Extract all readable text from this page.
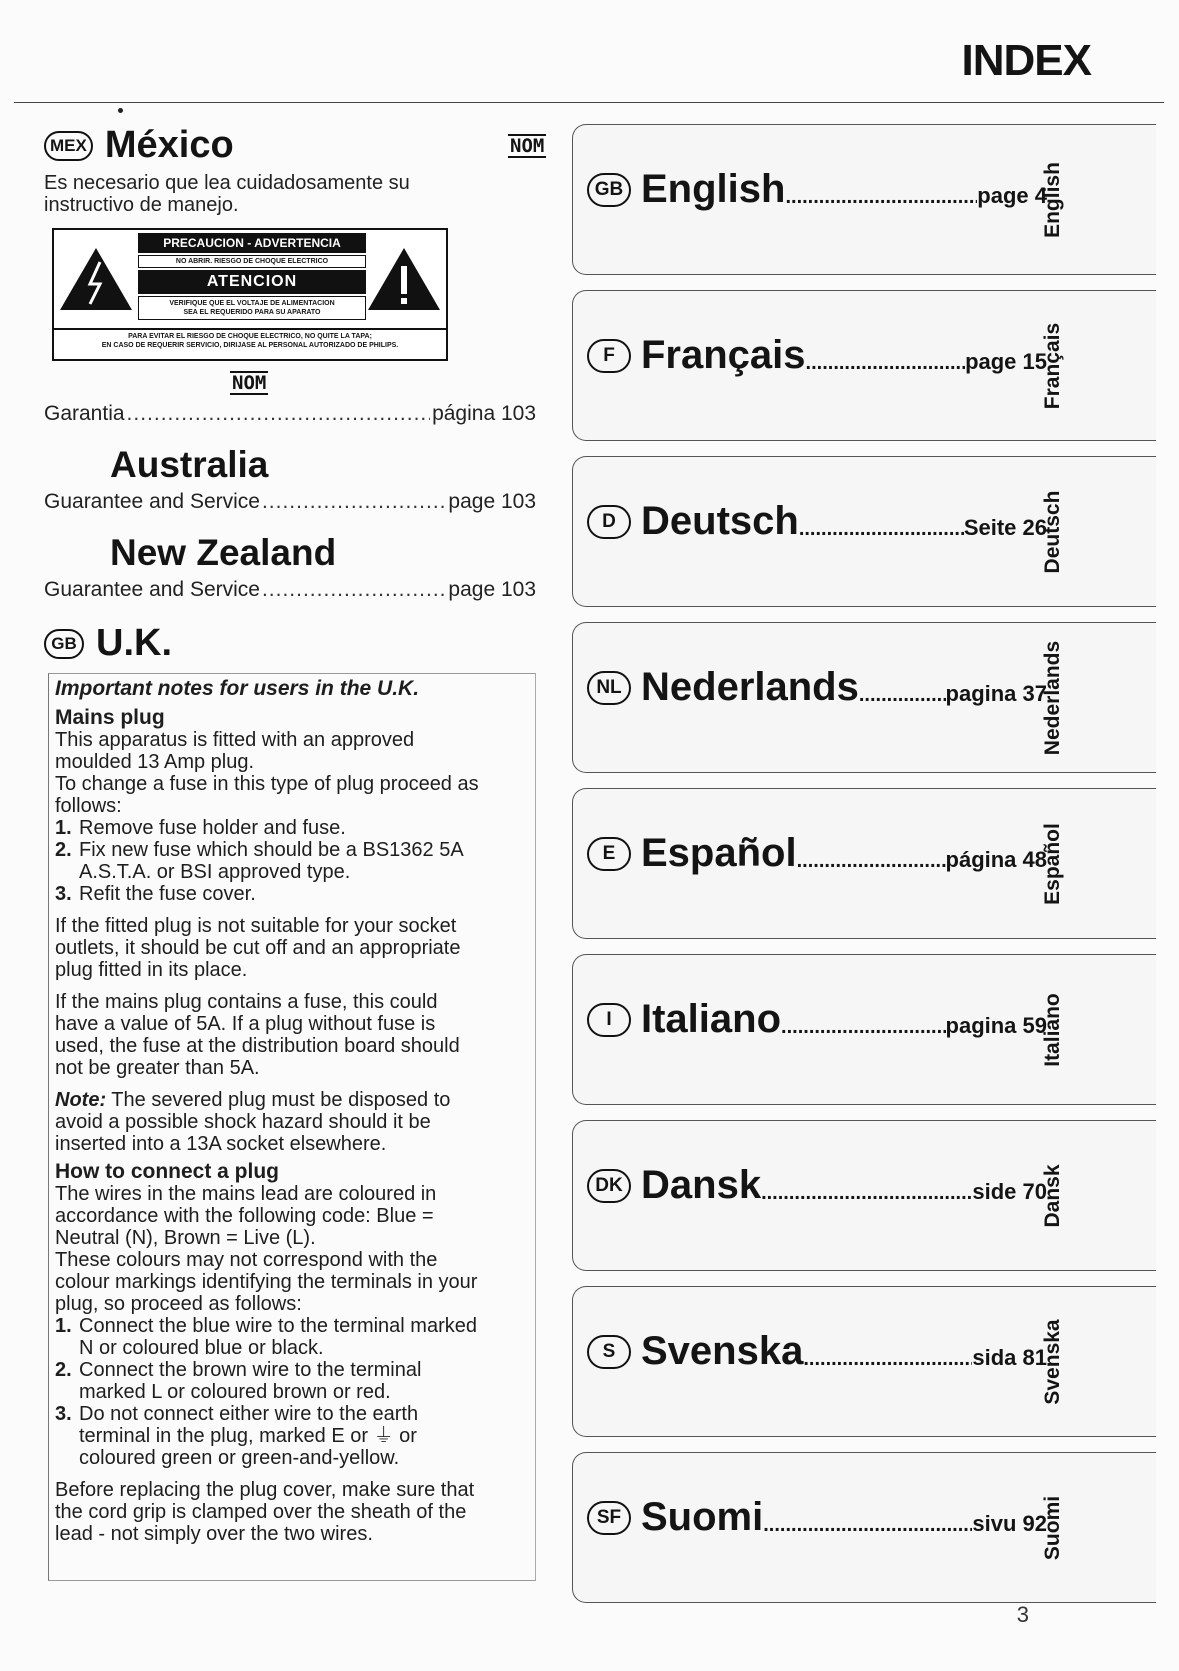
INDEX
MEX México	NOM
Es necesario que lea cuidadosamente su
instructivo de manejo.
PRECAUCION - ADVERTENCIA
NO ABRIR. RIESGO DE CHOQUE ELECTRICO
ATENCION
VERIFIQUE QUE EL VOLTAJE DE ALIMENTACION
SEA EL REQUERIDO PARA SU APARATO
PARA EVITAR EL RIESGO DE CHOQUE ELECTRICO, NO QUITE LA TAPA;
EN CASO DE REQUERIR SERVICIO, DIRIJASE AL PERSONAL AUTORIZADO DE PHILIPS.
NOM
Garantia .....	página 103
Australia
Guarantee and Service .....	page 103
New Zealand
Guarantee and Service .....	page 103
GB U.K.
Important notes for users in the U.K.
Mains plug
This apparatus is fitted with an approved
moulded 13 Amp plug.
To change a fuse in this type of plug proceed as
follows:
1. Remove fuse holder and fuse.
2. Fix new fuse which should be a BS1362 5A
A.S.T.A. or BSI approved type.
3. Refit the fuse cover.
If the fitted plug is not suitable for your socket
outlets, it should be cut off and an appropriate
plug fitted in its place.
If the mains plug contains a fuse, this could
have a value of 5A. If a plug without fuse is
used, the fuse at the distribution board should
not be greater than 5A.
Note: The severed plug must be disposed to
avoid a possible shock hazard should it be
inserted into a 13A socket elsewhere.
How to connect a plug
The wires in the mains lead are coloured in
accordance with the following code: Blue =
Neutral (N), Brown = Live (L).
These colours may not correspond with the
colour markings identifying the terminals in your
plug, so proceed as follows:
1. Connect the blue wire to the terminal marked
N or coloured blue or black.
2. Connect the brown wire to the terminal
marked L or coloured brown or red.
3. Do not connect either wire to the earth
terminal in the plug, marked E or ⏚ or
coloured green or green-and-yellow.
Before replacing the plug cover, make sure that
the cord grip is clamped over the sheath of the
lead - not simply over the two wires.
GB English .....	page 4
English
F Français .....	page 15
Français
D Deutsch .....	Seite 26
Deutsch
NL Nederlands .....	pagina 37
Nederlands
E Español .....	página 48
Español
I Italiano .....	pagina 59
Italiano
DK Dansk .....	side 70
Dansk
S Svenska .....	sida 81
Svenska
SF Suomi .....	sivu 92
Suomi
3
